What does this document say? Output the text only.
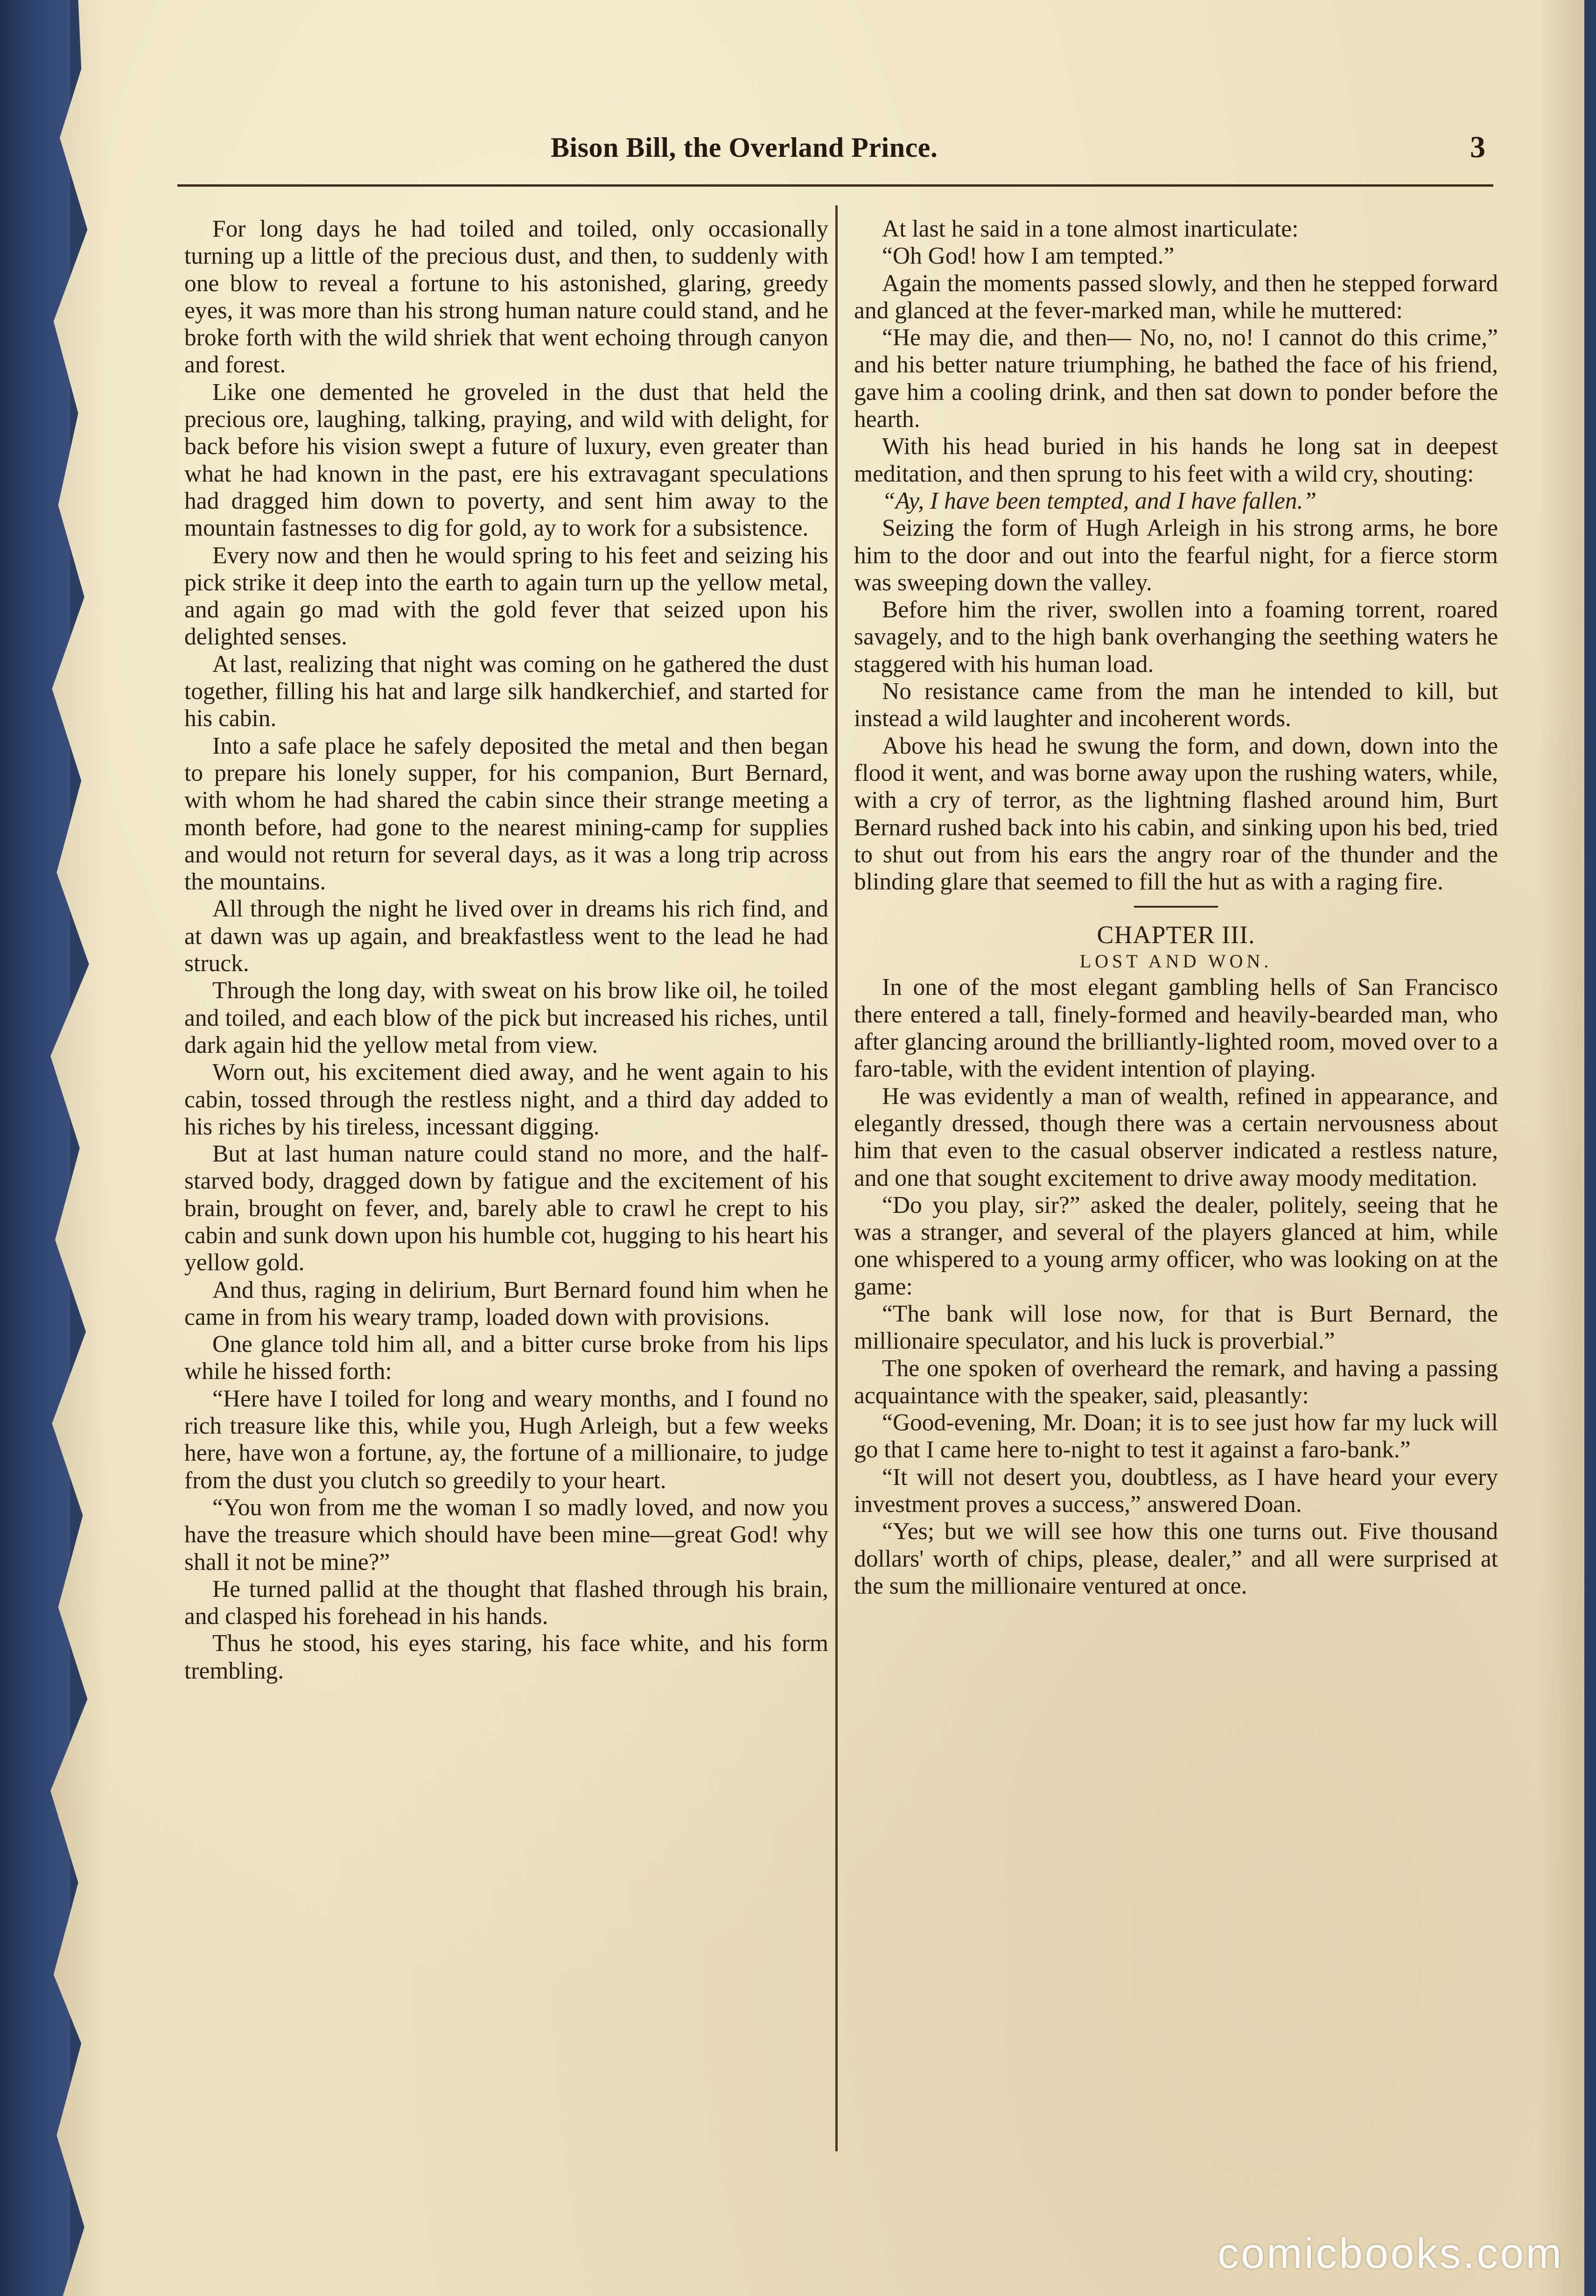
Bison Bill, the Overland Prince.	3

For long days he had toiled and toiled, only occasionally turning up a little of the precious dust, and then, to suddenly with one blow to reveal a fortune to his astonished, glaring, greedy eyes, it was more than his strong human nature could stand, and he broke forth with the wild shriek that went echoing through canyon and forest.

Like one demented he groveled in the dust that held the precious ore, laughing, talking, praying, and wild with delight, for back before his vision swept a future of luxury, even greater than what he had known in the past, ere his extravagant speculations had dragged him down to poverty, and sent him away to the mountain fastnesses to dig for gold, ay to work for a subsistence.

Every now and then he would spring to his feet and seizing his pick strike it deep into the earth to again turn up the yellow metal, and again go mad with the gold fever that seized upon his delighted senses.

At last, realizing that night was coming on he gathered the dust together, filling his hat and large silk handkerchief, and started for his cabin.

Into a safe place he safely deposited the metal and then began to prepare his lonely supper, for his companion, Burt Bernard, with whom he had shared the cabin since their strange meeting a month before, had gone to the nearest mining-camp for supplies and would not return for several days, as it was a long trip across the mountains.

All through the night he lived over in dreams his rich find, and at dawn was up again, and breakfastless went to the lead he had struck.

Through the long day, with sweat on his brow like oil, he toiled and toiled, and each blow of the pick but increased his riches, until dark again hid the yellow metal from view.

Worn out, his excitement died away, and he went again to his cabin, tossed through the restless night, and a third day added to his riches by his tireless, incessant digging.

But at last human nature could stand no more, and the half-starved body, dragged down by fatigue and the excitement of his brain, brought on fever, and, barely able to crawl he crept to his cabin and sunk down upon his humble cot, hugging to his heart his yellow gold.

And thus, raging in delirium, Burt Bernard found him when he came in from his weary tramp, loaded down with provisions.

One glance told him all, and a bitter curse broke from his lips while he hissed forth:

“Here have I toiled for long and weary months, and I found no rich treasure like this, while you, Hugh Arleigh, but a few weeks here, have won a fortune, ay, the fortune of a millionaire, to judge from the dust you clutch so greedily to your heart.

“You won from me the woman I so madly loved, and now you have the treasure which should have been mine—great God! why shall it not be mine?”

He turned pallid at the thought that flashed through his brain, and clasped his forehead in his hands.

Thus he stood, his eyes staring, his face white, and his form trembling.

At last he said in a tone almost inarticulate:

“Oh God! how I am tempted.”

Again the moments passed slowly, and then he stepped forward and glanced at the fever-marked man, while he muttered:

“He may die, and then— No, no, no! I cannot do this crime,” and his better nature triumphing, he bathed the face of his friend, gave him a cooling drink, and then sat down to ponder before the hearth.

With his head buried in his hands he long sat in deepest meditation, and then sprung to his feet with a wild cry, shouting:

“Ay, I have been tempted, and I have fallen.”

Seizing the form of Hugh Arleigh in his strong arms, he bore him to the door and out into the fearful night, for a fierce storm was sweeping down the valley.

Before him the river, swollen into a foaming torrent, roared savagely, and to the high bank overhanging the seething waters he staggered with his human load.

No resistance came from the man he intended to kill, but instead a wild laughter and incoherent words.

Above his head he swung the form, and down, down into the flood it went, and was borne away upon the rushing waters, while, with a cry of terror, as the lightning flashed around him, Burt Bernard rushed back into his cabin, and sinking upon his bed, tried to shut out from his ears the angry roar of the thunder and the blinding glare that seemed to fill the hut as with a raging fire.

CHAPTER III.

LOST AND WON.

In one of the most elegant gambling hells of San Francisco there entered a tall, finely-formed and heavily-bearded man, who after glancing around the brilliantly-lighted room, moved over to a faro-table, with the evident intention of playing.

He was evidently a man of wealth, refined in appearance, and elegantly dressed, though there was a certain nervousness about him that even to the casual observer indicated a restless nature, and one that sought excitement to drive away moody meditation.

“Do you play, sir?” asked the dealer, politely, seeing that he was a stranger, and several of the players glanced at him, while one whispered to a young army officer, who was looking on at the game:

“The bank will lose now, for that is Burt Bernard, the millionaire speculator, and his luck is proverbial.”

The one spoken of overheard the remark, and having a passing acquaintance with the speaker, said, pleasantly:

“Good-evening, Mr. Doan; it is to see just how far my luck will go that I came here to-night to test it against a faro-bank.”

“It will not desert you, doubtless, as I have heard your every investment proves a success,” answered Doan.

“Yes; but we will see how this one turns out. Five thousand dollars' worth of chips, please, dealer,” and all were surprised at the sum the millionaire ventured at once.

comicbooks.com
